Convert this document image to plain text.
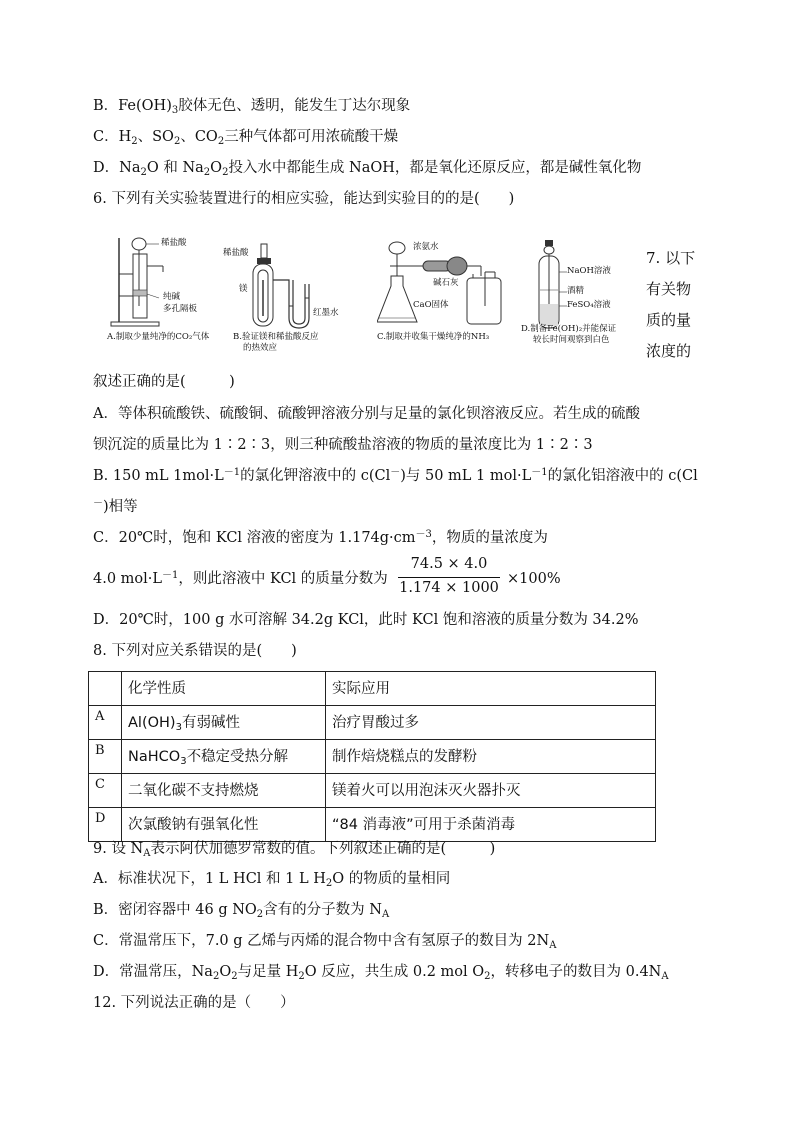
B．$Fe(OH)_3$胶体无色、透明，能发生丁达尔现象
C．$H_2$、$SO_2$、$CO_2$三种气体都可用浓硫酸干燥
D．$Na_2O$ 和 $Na_2O_2$投入水中都能生成 NaOH，都是氧化还原反应，都是碱性氧化物
6. 下列有关实验装置进行的相应实验，能达到实验目的的是(　　)
稀盐酸
纯碱
多孔隔板
A.制取少量纯净的CO₂气体
稀盐酸
镁
红墨水
B.验证镁和稀盐酸反应
的热效应
浓氨水
碱石灰
CaO固体
C.制取并收集干燥纯净的NH₃
NaOH溶液
酒精
FeSO₄溶液
D.制备Fe(OH)₂并能保证
较长时间观察到白色
7. 以下
有关物
质的量
浓度的
叙述正确的是(　　　)
A．等体积硫酸铁、硫酸铜、硫酸钾溶液分别与足量的氯化钡溶液反应。若生成的硫酸
钡沉淀的质量比为 1∶2∶3，则三种硫酸盐溶液的物质的量浓度比为 1∶2∶3
B. 150 mL $1mol\cdot L^{-1}$的氯化钾溶液中的 c(Cl－)与 50 mL 1 $mol\cdot L^{-1}$的氯化铝溶液中的 c(Cl
－)相等
C．20℃时，饱和 KCl 溶液的密度为 $1.174g\cdot cm^{-3}$，物质的量浓度为
4.0 $mol\cdot L^{-1}$，则此溶液中 KCl 的质量分数为
74.5 × 4.0
1.174 × 1000
×100%
D．20℃时，100 g 水可溶解 34.2g KCl，此时 KCl 饱和溶液的质量分数为 34.2%
8. 下列对应关系错误的是(　　)
	化学性质	实际应用
A	$Al(OH)_3$有弱碱性	治疗胃酸过多
B	NaHCO$_3$不稳定受热分解	制作焙烧糕点的发酵粉
C	二氧化碳不支持燃烧	镁着火可以用泡沫灭火器扑灭
D	次氯酸钠有强氧化性	“84 消毒液”可用于杀菌消毒
9. 设 $N_A$表示阿伏加德罗常数的值。下列叙述正确的是(　　　)
A．标准状况下，1 L HCl 和 1 L $H_2O$ 的物质的量相同
B．密闭容器中 46 g $NO_2$含有的分子数为 $N_A$
C．常温常压下，7.0 g 乙烯与丙烯的混合物中含有氢原子的数目为 $2N_A$
D．常温常压，$Na_2O_2$与足量 $H_2O$ 反应，共生成 0.2 mol $O_2$，转移电子的数目为 $0.4N_A$
12. 下列说法正确的是（　　）
